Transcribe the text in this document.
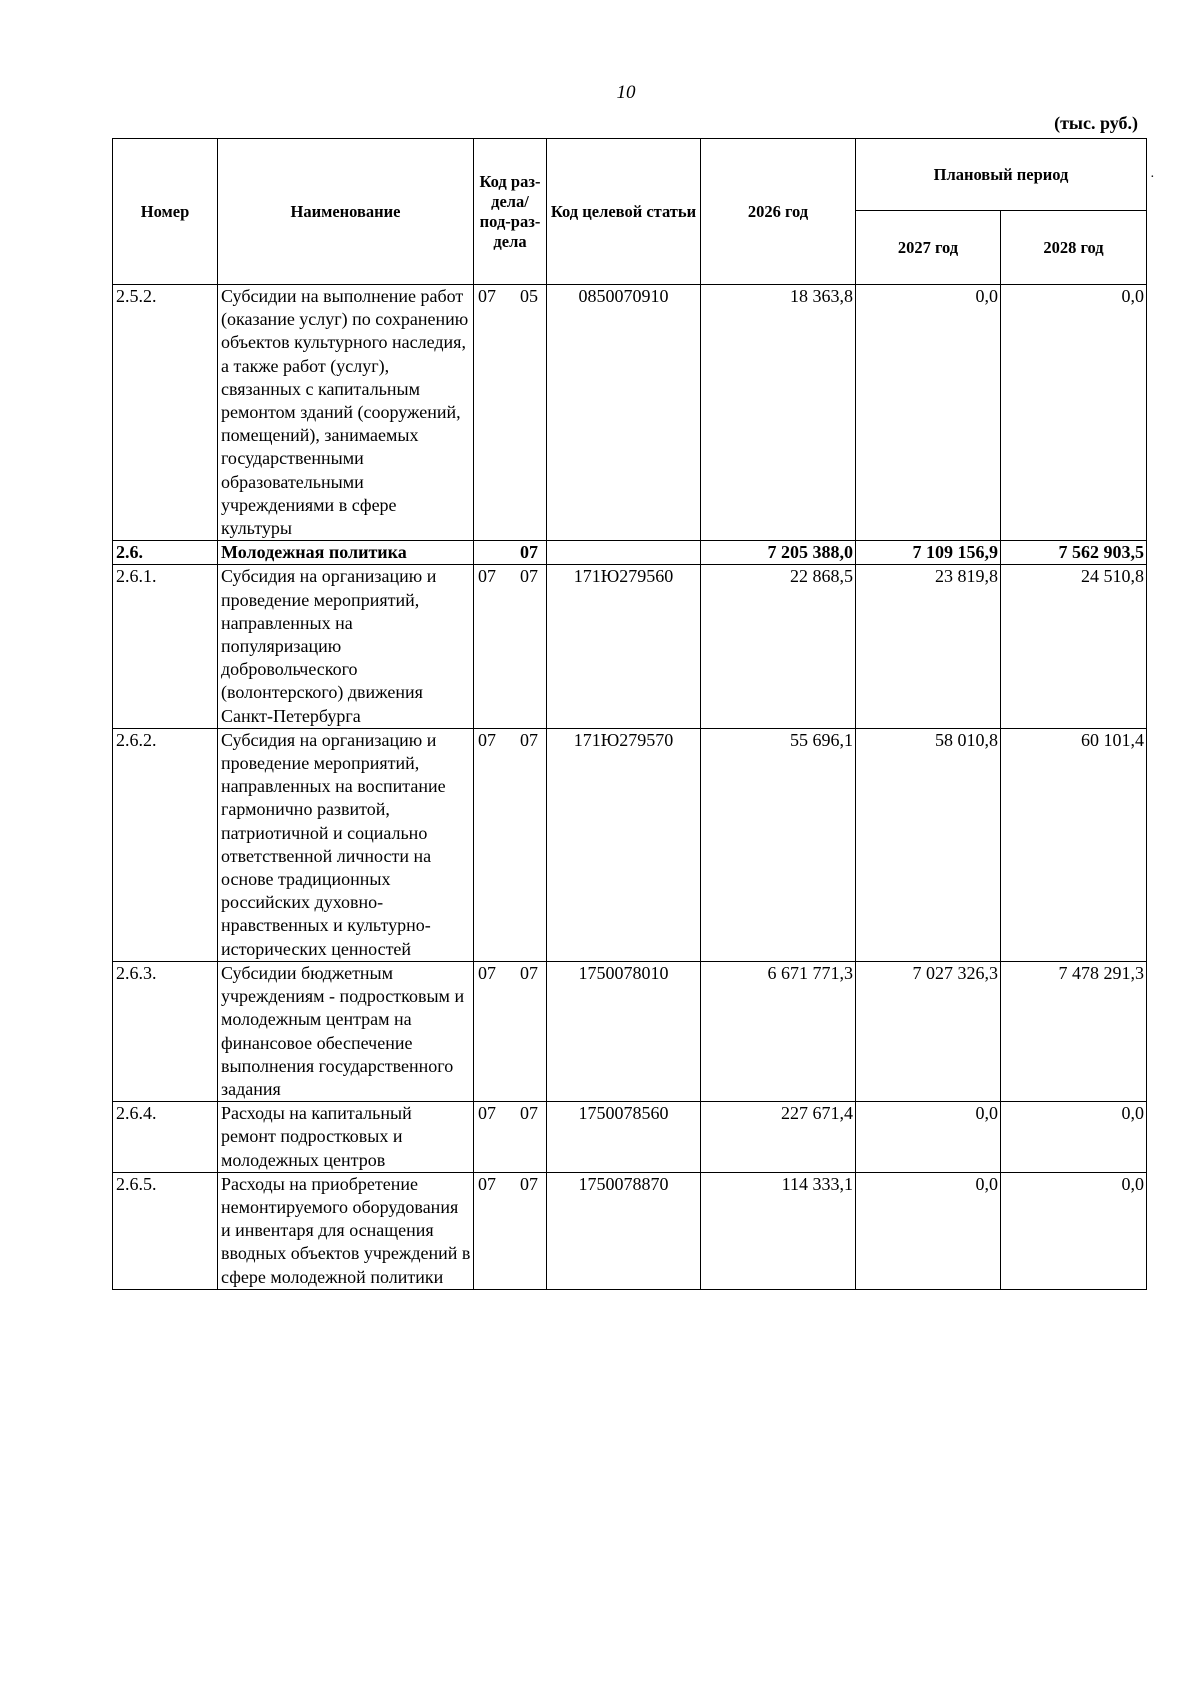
10
(тыс. руб.)
Номер	Наименование	Код раз-дела/ под-раз-дела	Код целевой статьи	2026 год	Плановый период	
					2027 год	2028 год
2.5.2.	Субсидии на выполнение работ (оказание услуг) по сохранению объектов культурного наследия, а также работ (услуг), связанных с капитальным ремонтом зданий (сооружений, помещений), занимаемых государственными образовательными учреждениями в сфере культуры	07 05	0850070910	18 363,8	0,0	0,0
2.6.	Молодежная политика	07		7 205 388,0	7 109 156,9	7 562 903,5
2.6.1.	Субсидия на организацию и проведение мероприятий, направленных на популяризацию добровольческого (волонтерского) движения Санкт-Петербурга	07 07	171Ю279560	22 868,5	23 819,8	24 510,8
2.6.2.	Субсидия на организацию и проведение мероприятий, направленных на воспитание гармонично развитой, патриотичной и социально ответственной личности на основе традиционных российских духовно-нравственных и культурно-исторических ценностей	07 07	171Ю279570	55 696,1	58 010,8	60 101,4
2.6.3.	Субсидии бюджетным учреждениям - подростковым и молодежным центрам на финансовое обеспечение выполнения государственного задания	07 07	1750078010	6 671 771,3	7 027 326,3	7 478 291,3
2.6.4.	Расходы на капитальный ремонт подростковых и молодежных центров	07 07	1750078560	227 671,4	0,0	0,0
2.6.5.	Расходы на приобретение немонтируемого оборудования и инвентаря для оснащения вводных объектов учреждений в сфере молодежной политики	07 07	1750078870	114 333,1	0,0	0,0
·
